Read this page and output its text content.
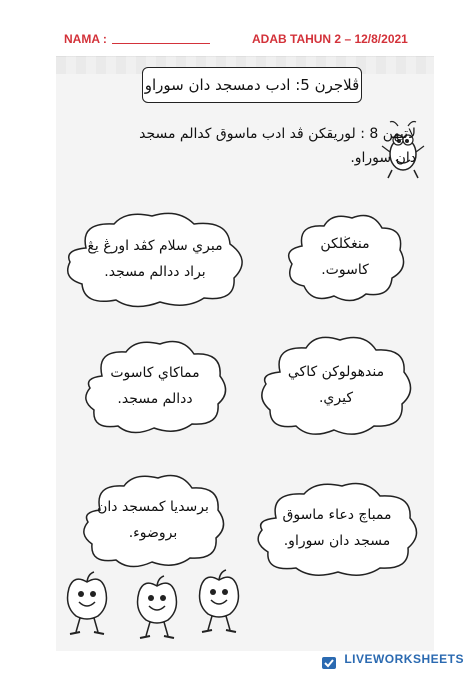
NAMA :	ADAB TAHUN 2 – 12/8/2021
ڤلاجرن 5: ادب دمسجد دان سوراو
لاتيهن 8 : لوريقكن ڤد ادب ماسوق كدالم مسجد دان سوراو.
منغڬلكن كاسوت.
مبري سلام كڤد اورڠ يڠ براد ددالم مسجد.
مندهولوكن كاكي كيري.
مماكاي كاسوت ددالم مسجد.
ممباچ دعاء ماسوق مسجد دان سوراو.
برسديا كمسجد دان بروضوء.
LIVEWORKSHEETS
